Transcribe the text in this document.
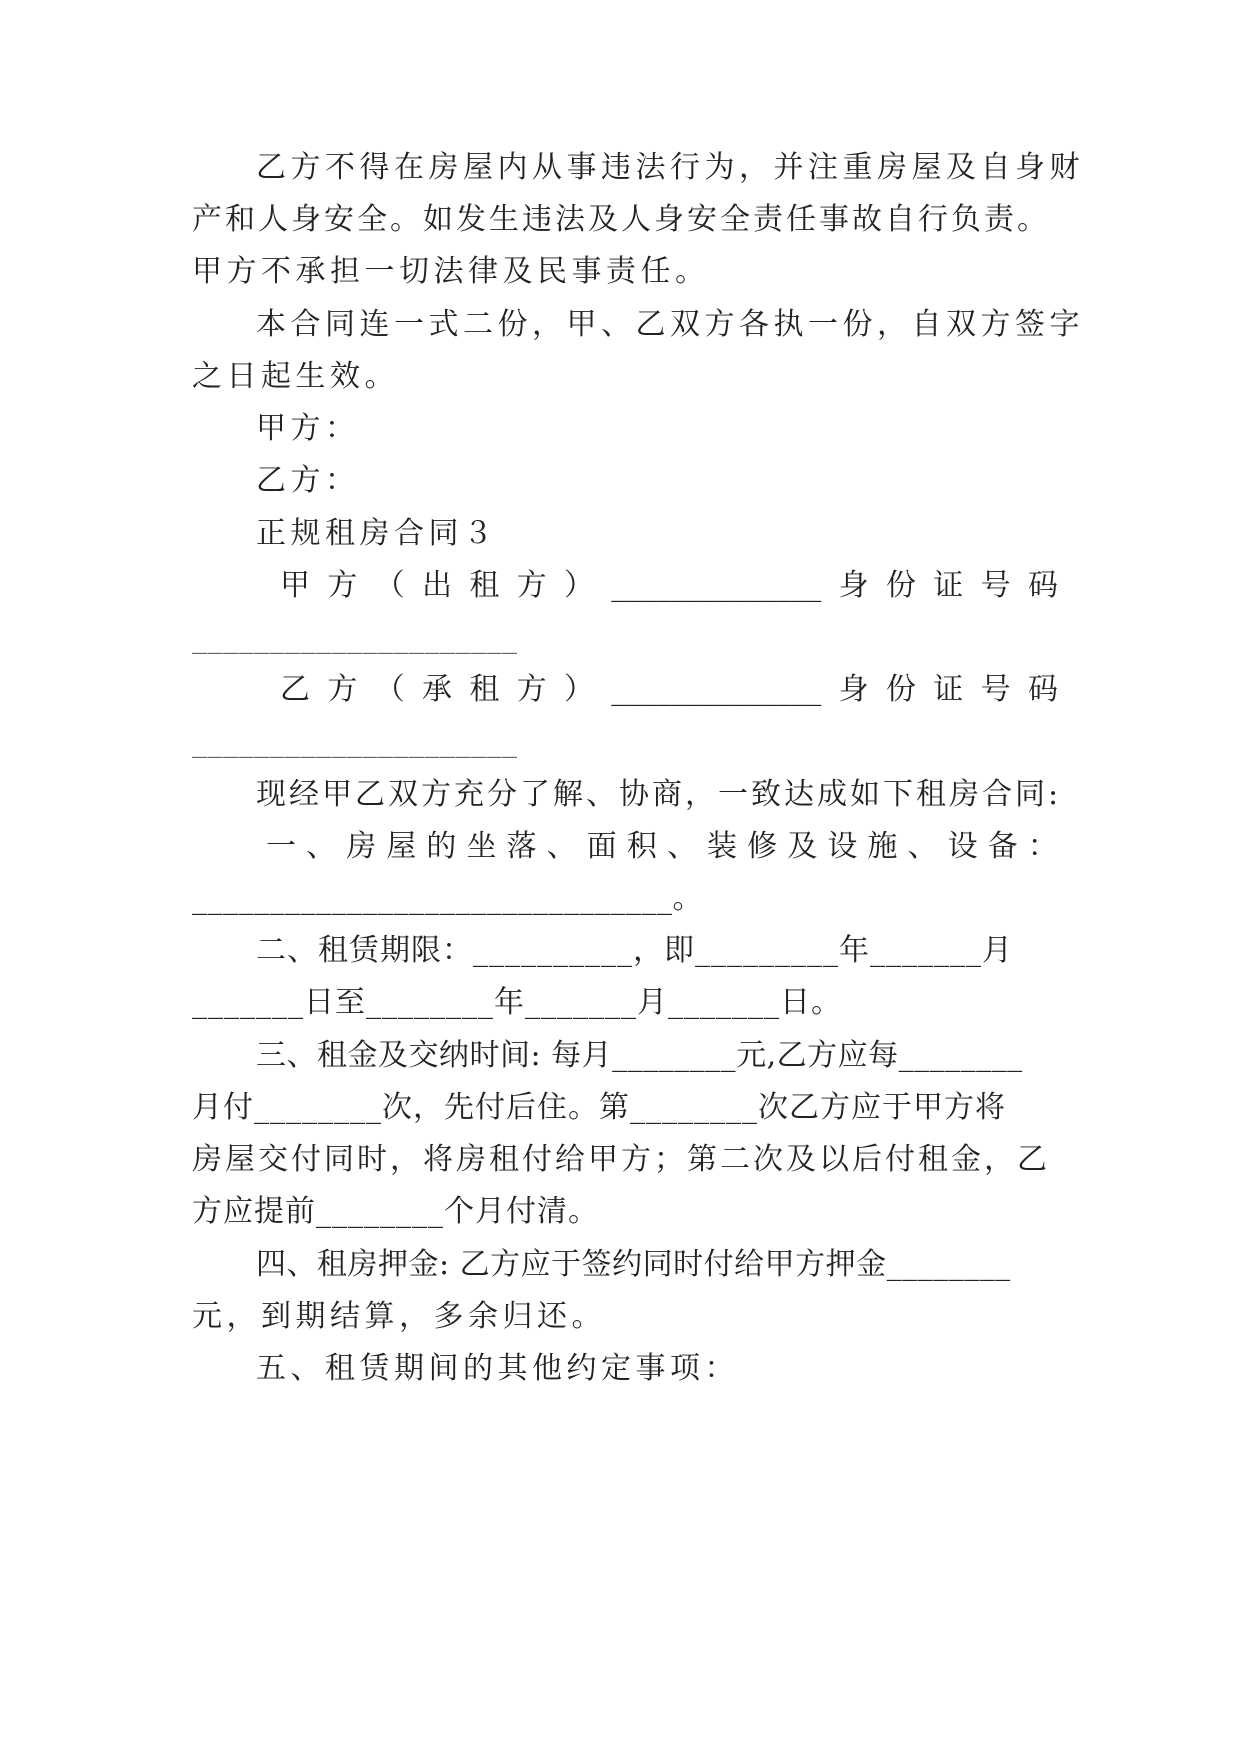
乙方不得在房屋内从事违法行为，并注重房屋及自身财
产和人身安全。如发生违法及人身安全责任事故自行负责。
甲方不承担一切法律及民事责任。
本合同连一式二份，甲、乙双方各执一份，自双方签字
之日起生效。
甲方：
乙方：
正规租房合同３
甲 方 （ 出 租 方 ） ______________ 身 份 证 号 码
_____________________
乙 方 （ 承 租 方 ） ______________ 身 份 证 号 码
_____________________
现经甲乙双方充分了解、协商，一致达成如下租房合同:
一 、 房 屋 的 坐 落 、 面 积 、 装 修 及 设 施 、 设 备 ：
_______________________________。
二、租赁期限：__________，即_________年_______月
_______日至________年_______月_______日。
三、租金及交纳时间: 每月________元,乙方应每________
月付________次，先付后住。第________次乙方应于甲方将
房屋交付同时，将房租付给甲方；第二次及以后付租金，乙
方应提前________个月付清。
四、租房押金: 乙方应于签约同时付给甲方押金________
元，到期结算，多余归还。
五、租赁期间的其他约定事项：
